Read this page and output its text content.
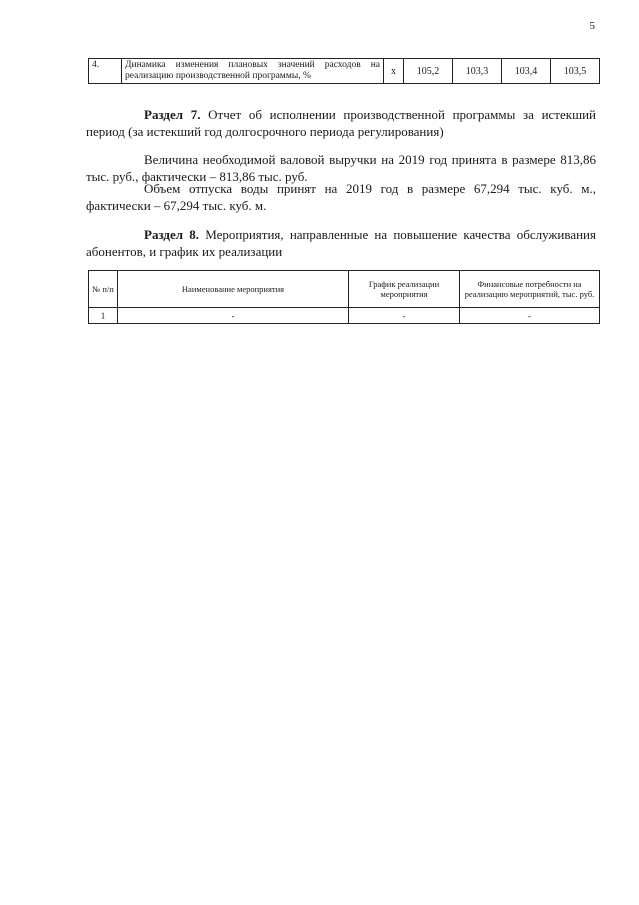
5
4.	Динамика изменения плановых значений расходов на реализацию производственной программы, %	x	105,2	103,3	103,4	103,5
Раздел 7. Отчет об исполнении производственной программы за истекший период (за истекший год долгосрочного периода регулирования)
Величина необходимой валовой выручки на 2019 год принята в размере 813,86 тыс. руб., фактически – 813,86 тыс. руб.
Объем отпуска воды принят на 2019 год в размере 67,294 тыс. куб. м., фактически – 67,294 тыс. куб. м.
Раздел 8. Мероприятия, направленные на повышение качества обслуживания абонентов, и график их реализации
№ п/п	Наименование мероприятия	График реализации мероприятия	Финансовые потребности на реализацию мероприятий, тыс. руб.
1	-	-	-
